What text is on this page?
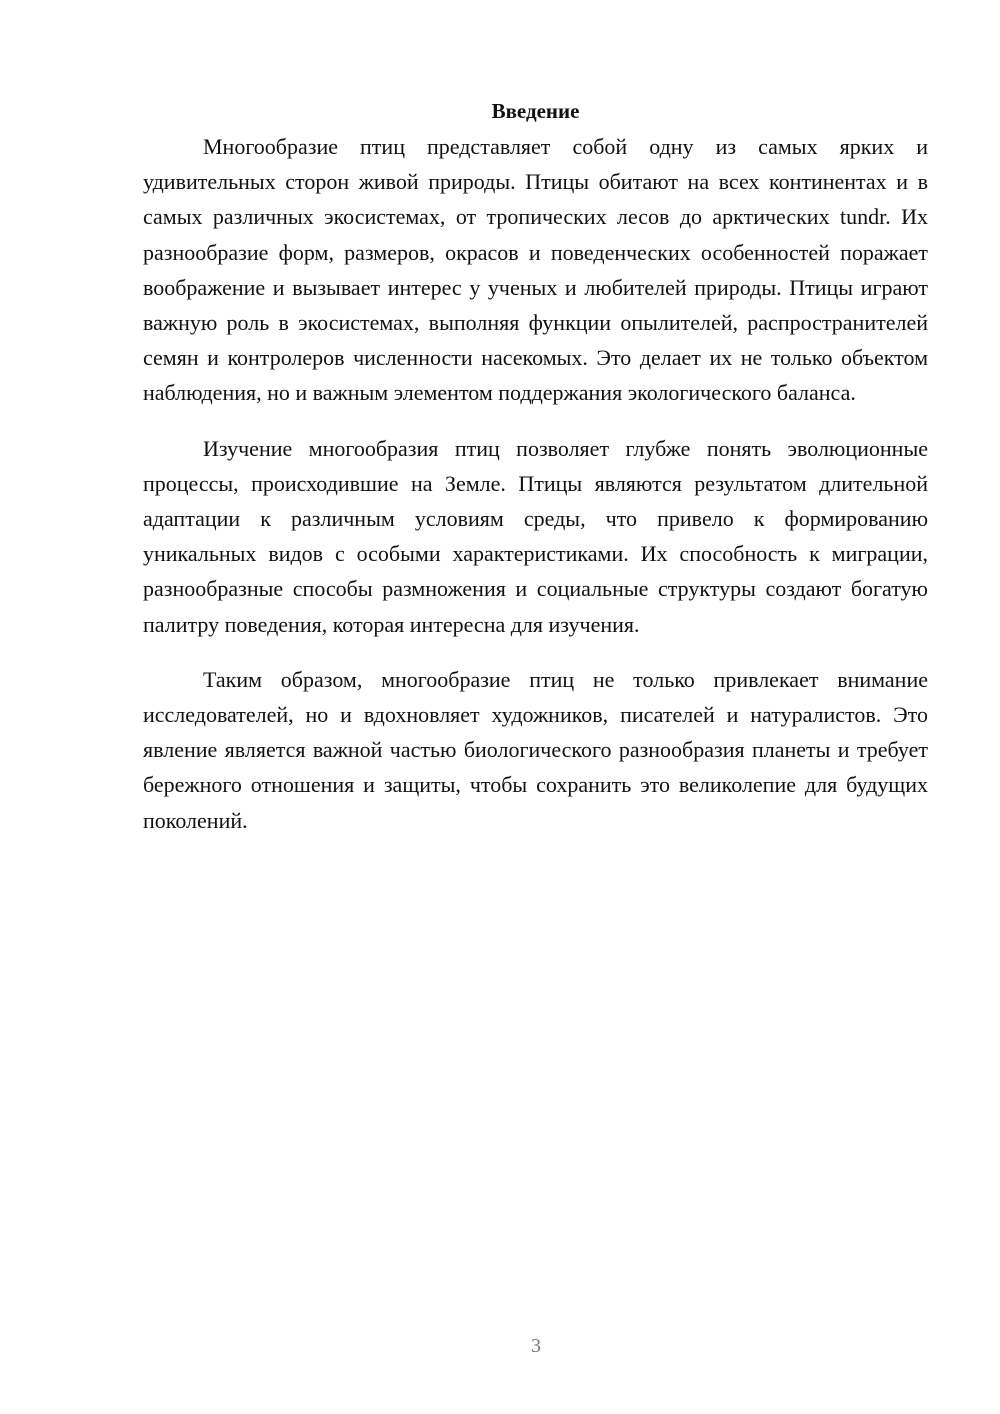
Введение

Многообразие птиц представляет собой одну из самых ярких и удивительных сторон живой природы. Птицы обитают на всех континентах и в самых различных экосистемах, от тропических лесов до арктических tundr. Их разнообразие форм, размеров, окрасов и поведенческих особенностей поражает воображение и вызывает интерес у ученых и любителей природы. Птицы играют важную роль в экосистемах, выполняя функции опылителей, распространителей семян и контролеров численности насекомых. Это делает их не только объектом наблюдения, но и важным элементом поддержания экологического баланса.

Изучение многообразия птиц позволяет глубже понять эволюционные процессы, происходившие на Земле. Птицы являются результатом длительной адаптации к различным условиям среды, что привело к формированию уникальных видов с особыми характеристиками. Их способность к миграции, разнообразные способы размножения и социальные структуры создают богатую палитру поведения, которая интересна для изучения.

Таким образом, многообразие птиц не только привлекает внимание исследователей, но и вдохновляет художников, писателей и натуралистов. Это явление является важной частью биологического разнообразия планеты и требует бережного отношения и защиты, чтобы сохранить это великолепие для будущих поколений.

3
